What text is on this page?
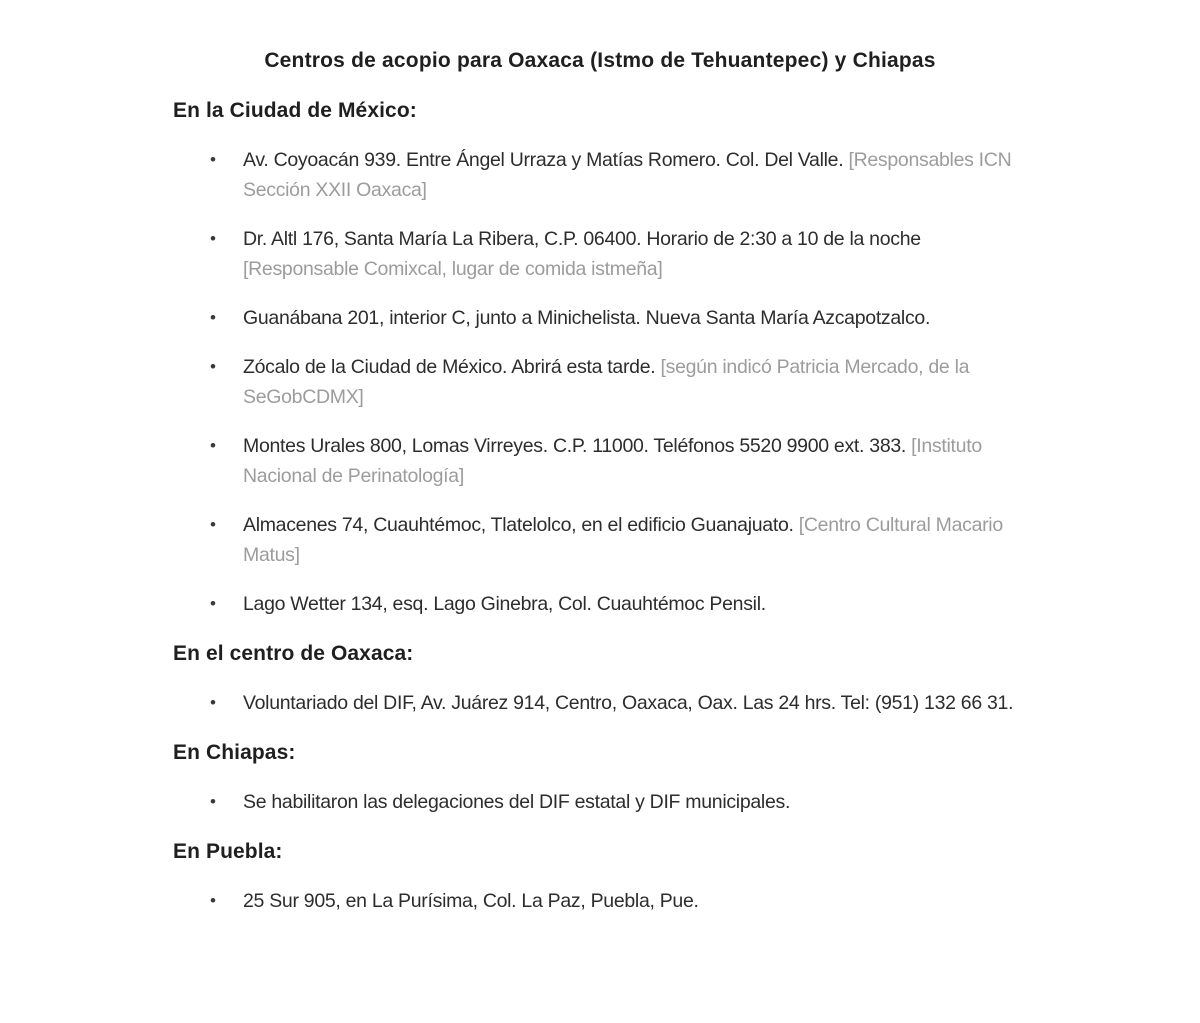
Centros de acopio para Oaxaca (Istmo de Tehuantepec) y Chiapas
En la Ciudad de México:
•	Av. Coyoacán 939. Entre Ángel Urraza y Matías Romero. Col. Del Valle. [Responsables ICN Sección XXII Oaxaca]
•	Dr. Altl 176, Santa María La Ribera, C.P. 06400. Horario de 2:30 a 10 de la noche [Responsable Comixcal, lugar de comida istmeña]
•	Guanábana 201, interior C, junto a Minichelista. Nueva Santa María Azcapotzalco.
•	Zócalo de la Ciudad de México. Abrirá esta tarde. [según indicó Patricia Mercado, de la SeGobCDMX]
•	Montes Urales 800, Lomas Virreyes. C.P. 11000. Teléfonos 5520 9900 ext. 383. [Instituto Nacional de Perinatología]
•	Almacenes 74, Cuauhtémoc, Tlatelolco, en el edificio Guanajuato. [Centro Cultural Macario Matus]
•	Lago Wetter 134, esq. Lago Ginebra, Col. Cuauhtémoc Pensil.
En el centro de Oaxaca:
•	Voluntariado del DIF, Av. Juárez 914, Centro, Oaxaca, Oax. Las 24 hrs. Tel: (951) 132 66 31.
En Chiapas:
•	Se habilitaron las delegaciones del DIF estatal y DIF municipales.
En Puebla:
•	25 Sur 905, en La Purísima, Col. La Paz, Puebla, Pue.
